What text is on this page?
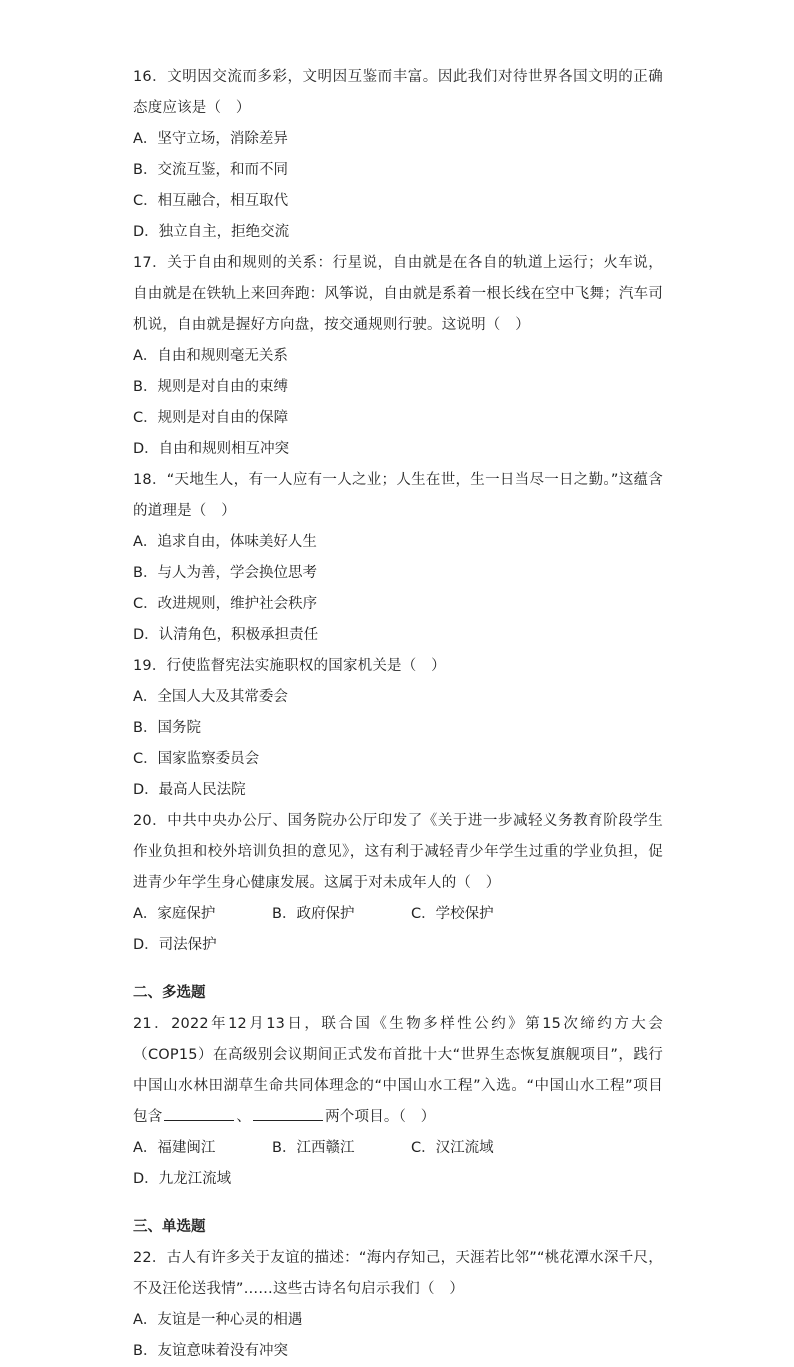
16．文明因交流而多彩，文明因互鉴而丰富。因此我们对待世界各国文明的正确态度应该是（　）

A．坚守立场，消除差异
B．交流互鉴，和而不同
C．相互融合，相互取代
D．独立自主，拒绝交流

17．关于自由和规则的关系：行星说，自由就是在各自的轨道上运行；火车说，自由就是在铁轨上来回奔跑：风筝说，自由就是系着一根长线在空中飞舞；汽车司机说，自由就是握好方向盘，按交通规则行驶。这说明（　）

A．自由和规则毫无关系
B．规则是对自由的束缚
C．规则是对自由的保障
D．自由和规则相互冲突

18．“天地生人，有一人应有一人之业；人生在世，生一日当尽一日之勤。”这蕴含的道理是（　）

A．追求自由，体味美好人生
B．与人为善，学会换位思考
C．改进规则，维护社会秩序
D．认清角色，积极承担责任

19．行使监督宪法实施职权的国家机关是（　）

A．全国人大及其常委会
B．国务院
C．国家监察委员会
D．最高人民法院

20．中共中央办公厅、国务院办公厅印发了《关于进一步减轻义务教育阶段学生作业负担和校外培训负担的意见》，这有利于减轻青少年学生过重的学业负担，促进青少年学生身心健康发展。这属于对未成年人的（　）

A．家庭保护	B．政府保护	C．学校保护
D．司法保护

二、多选题

21．2022年12月13日，联合国《生物多样性公约》第15次缔约方大会（COP15）在高级别会议期间正式发布首批十大“世界生态恢复旗舰项目”，践行中国山水林田湖草生命共同体理念的“中国山水工程”入选。“中国山水工程”项目包含	、	两个项目。（　）

A．福建闽江	B．江西赣江	C．汉江流域
D．九龙江流域

三、单选题

22．古人有许多关于友谊的描述：“海内存知己，天涯若比邻”“桃花潭水深千尺，不及汪伦送我情”……这些古诗名句启示我们（　）

A．友谊是一种心灵的相遇
B．友谊意味着没有冲突
